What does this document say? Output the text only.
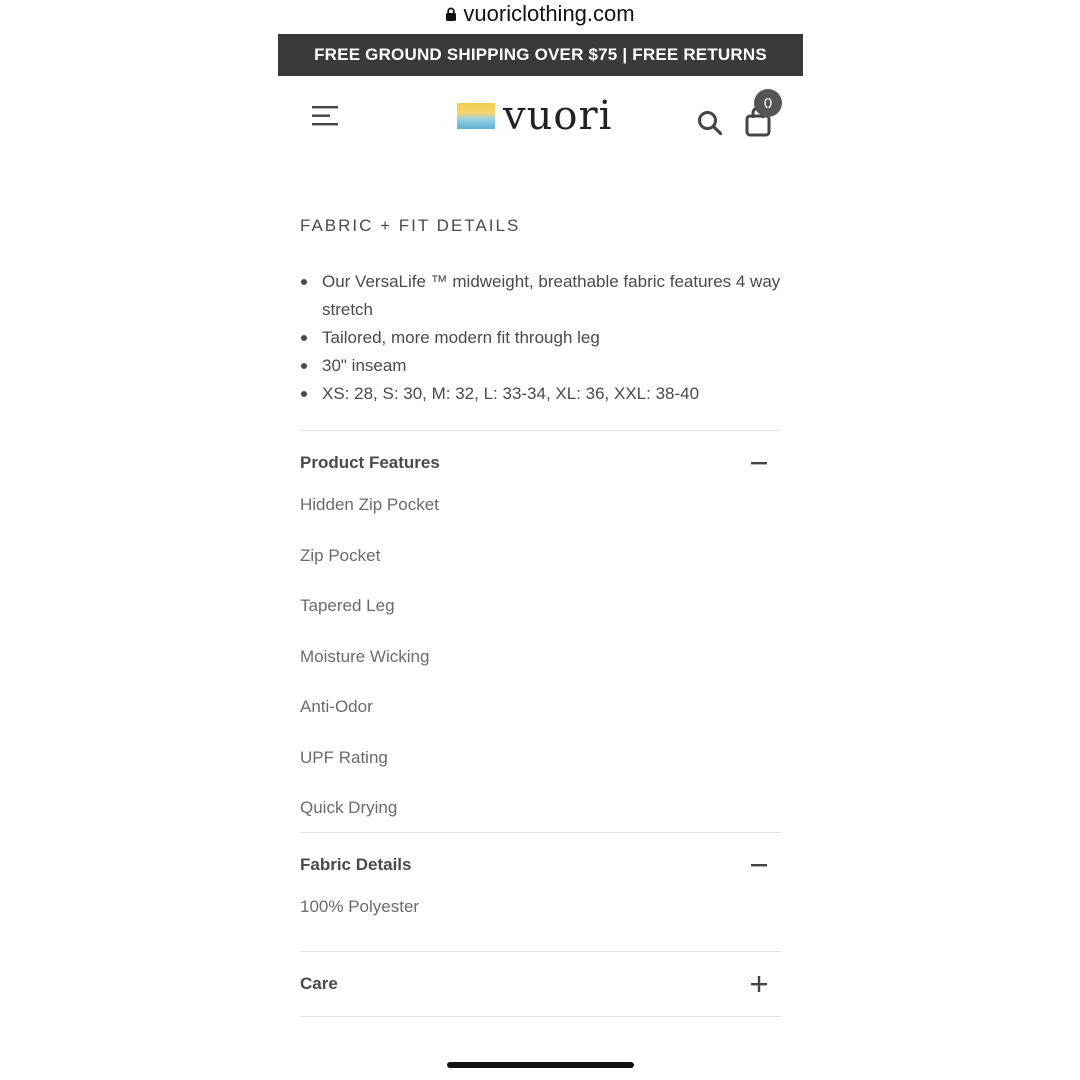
vuoriclothing.com
FREE GROUND SHIPPING OVER $75 | FREE RETURNS
vuori	0
FABRIC + FIT DETAILS
Our VersaLife ™ midweight, breathable fabric features 4 way stretch
Tailored, more modern fit through leg
30" inseam
XS: 28, S: 30, M: 32, L: 33-34, XL: 36, XXL: 38-40
Product Features
Hidden Zip Pocket
Zip Pocket
Tapered Leg
Moisture Wicking
Anti-Odor
UPF Rating
Quick Drying
Fabric Details
100% Polyester
Care
